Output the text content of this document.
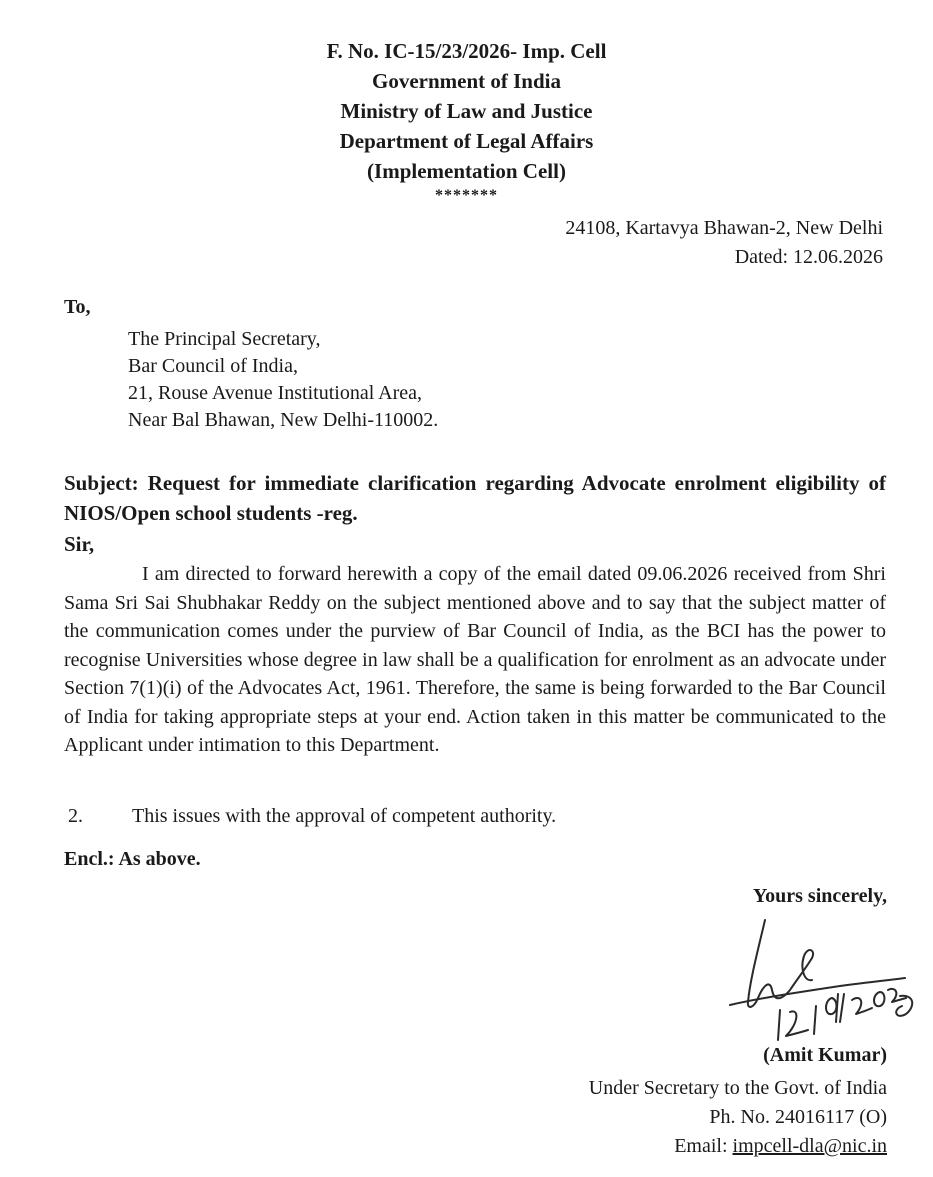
F. No. IC-15/23/2026- Imp. Cell
Government of India
Ministry of Law and Justice
Department of Legal Affairs
(Implementation Cell)
*******
24108, Kartavya Bhawan-2, New Delhi
Dated: 12.06.2026
To,
The Principal Secretary,
Bar Council of India,
21, Rouse Avenue Institutional Area,
Near Bal Bhawan, New Delhi-110002.
Subject: Request for immediate clarification regarding Advocate enrolment eligibility of NIOS/Open school students -reg.
Sir,
I am directed to forward herewith a copy of the email dated 09.06.2026 received from Shri Sama Sri Sai Shubhakar Reddy on the subject mentioned above and to say that the subject matter of the communication comes under the purview of Bar Council of India, as the BCI has the power to recognise Universities whose degree in law shall be a qualification for enrolment as an advocate under Section 7(1)(i) of the Advocates Act, 1961. Therefore, the same is being forwarded to the Bar Council of India for taking appropriate steps at your end. Action taken in this matter be communicated to the Applicant under intimation to this Department.
2. This issues with the approval of competent authority.
Encl.: As above.
Yours sincerely,
(Amit Kumar)
Under Secretary to the Govt. of India
Ph. No. 24016117 (O)
Email: impcell-dla@nic.in
